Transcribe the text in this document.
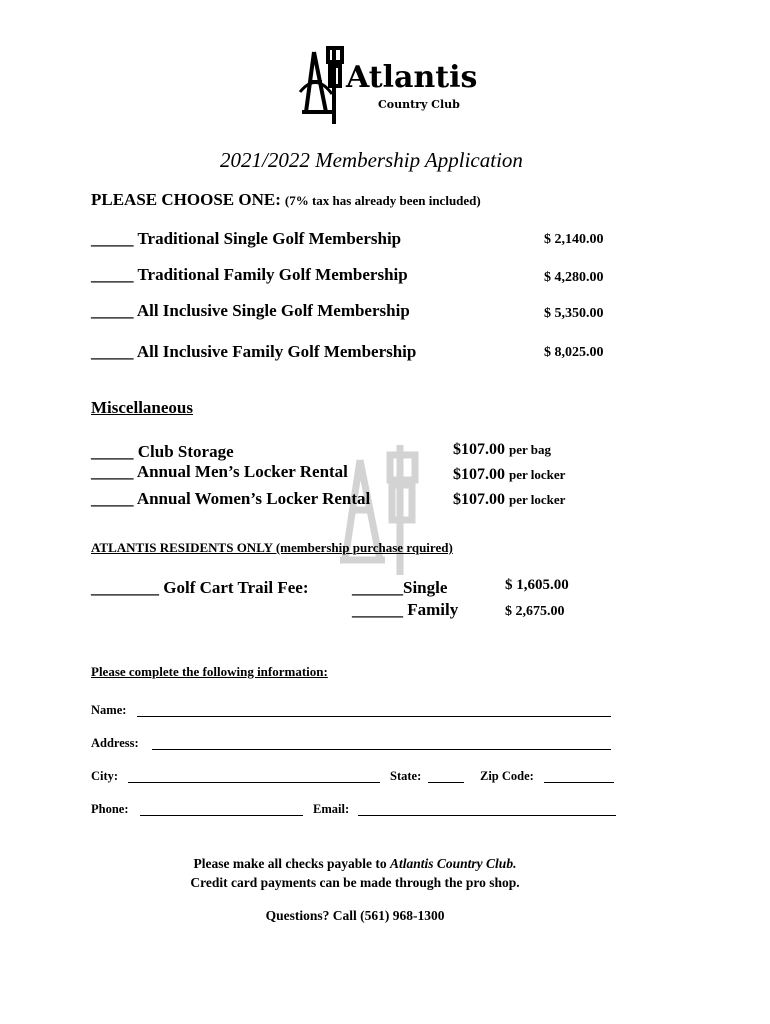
Atlantis
Country Club
2021/2022 Membership Application
PLEASE CHOOSE ONE: (7% tax has already been included)
_____ Traditional Single Golf Membership	$ 2,140.00
_____ Traditional Family Golf Membership	$ 4,280.00
_____ All Inclusive Single Golf Membership	$ 5,350.00
_____ All Inclusive Family Golf Membership	$ 8,025.00
Miscellaneous
_____ Club Storage	$107.00 per bag
_____ Annual Men’s Locker Rental	$107.00 per locker
_____ Annual Women’s Locker Rental	$107.00 per locker
ATLANTIS RESIDENTS ONLY (membership purchase rquired)
________ Golf Cart Trail Fee:	______Single	$ 1,605.00
______ Family	$ 2,675.00
Please complete the following information:
Name:
Address:
City:	State:	Zip Code:
Phone:	Email:
Please make all checks payable to Atlantis Country Club.
Credit card payments can be made through the pro shop.
Questions? Call (561) 968-1300
